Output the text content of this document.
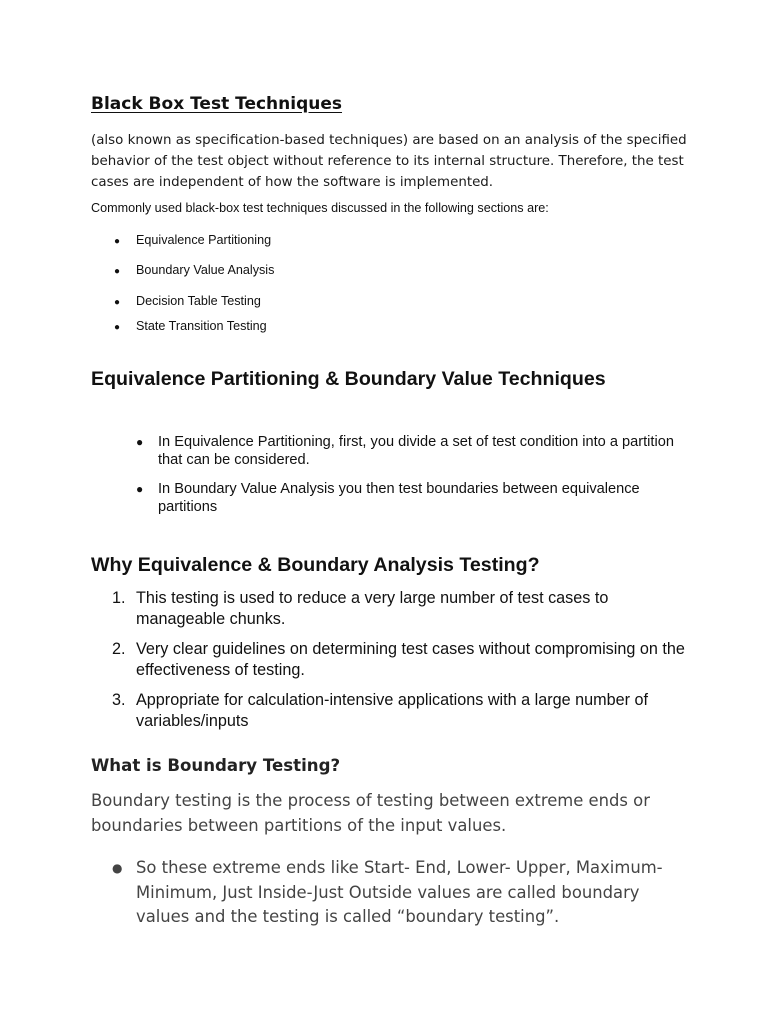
Black Box Test Techniques

(also known as specification-based techniques) are based on an analysis of the specified behavior of the test object without reference to its internal structure. Therefore, the test cases are independent of how the software is implemented.

Commonly used black-box test techniques discussed in the following sections are:

● Equivalence Partitioning
● Boundary Value Analysis
● Decision Table Testing
● State Transition Testing
Equivalence Partitioning & Boundary Value Techniques
●	In Equivalence Partitioning, first, you divide a set of test condition into a partition that can be considered.
●	In Boundary Value Analysis you then test boundaries between equivalence partitions
Why Equivalence & Boundary Analysis Testing?
1. This testing is used to reduce a very large number of test cases to manageable chunks.
2. Very clear guidelines on determining test cases without compromising on the effectiveness of testing.
3. Appropriate for calculation-intensive applications with a large number of variables/inputs
What is Boundary Testing?

Boundary testing is the process of testing between extreme ends or boundaries between partitions of the input values.

● So these extreme ends like Start- End, Lower- Upper, Maximum-Minimum, Just Inside-Just Outside values are called boundary values and the testing is called “boundary testing”.
